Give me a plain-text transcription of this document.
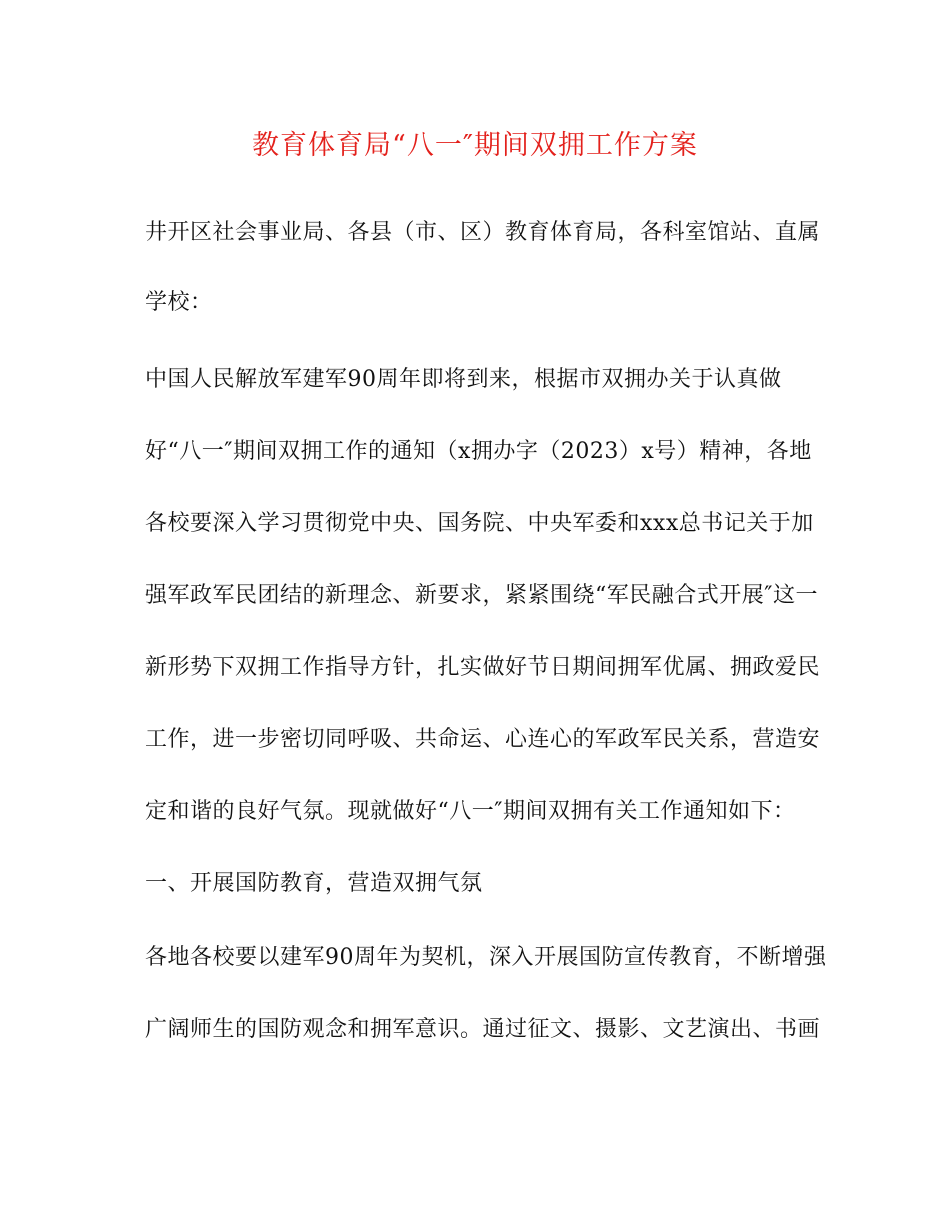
教育体育局“八一″期间双拥工作方案
井开区社会事业局、各县（市、区）教育体育局，各科室馆站、直属
学校：
中国人民解放军建军90周年即将到来，根据市双拥办关于认真做
好“八一″期间双拥工作的通知（x拥办字（2023）x号）精神，各地
各校要深入学习贯彻党中央、国务院、中央军委和xxx总书记关于加
强军政军民团结的新理念、新要求，紧紧围绕“军民融合式开展″这一
新形势下双拥工作指导方针，扎实做好节日期间拥军优属、拥政爱民
工作，进一步密切同呼吸、共命运、心连心的军政军民关系，营造安
定和谐的良好气氛。现就做好“八一″期间双拥有关工作通知如下：
一、开展国防教育，营造双拥气氛
各地各校要以建军90周年为契机，深入开展国防宣传教育，不断增强
广阔师生的国防观念和拥军意识。通过征文、摄影、文艺演出、书画
